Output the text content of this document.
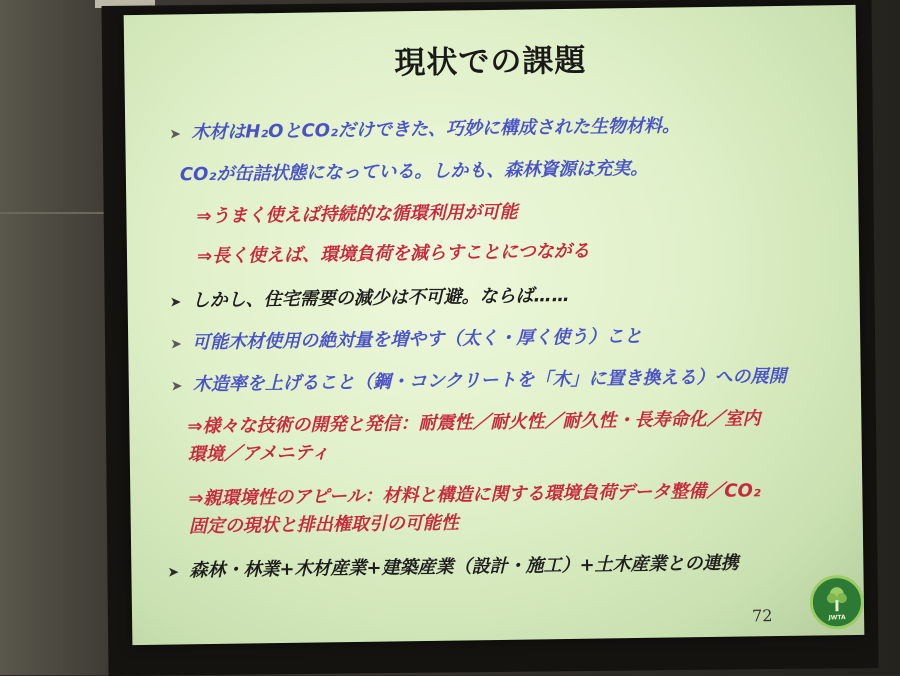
現状での課題
➤ 木材はH₂OとCO₂だけできた、巧妙に構成された生物材料。
CO₂が缶詰状態になっている。しかも、森林資源は充実。
⇒うまく使えば持続的な循環利用が可能
⇒長く使えば、環境負荷を減らすことにつながる
➤ しかし、住宅需要の減少は不可避。ならば……
➤ 可能木材使用の絶対量を増やす（太く・厚く使う）こと
➤ 木造率を上げること（鋼・コンクリートを「木」に置き換える）への展開
⇒様々な技術の開発と発信：耐震性／耐火性／耐久性・長寿命化／室内
環境／アメニティ
⇒親環境性のアピール：材料と構造に関する環境負荷データ整備／CO₂
固定の現状と排出権取引の可能性
➤ 森林・林業+木材産業+建築産業（設計・施工）+土木産業との連携
72	JWTA
